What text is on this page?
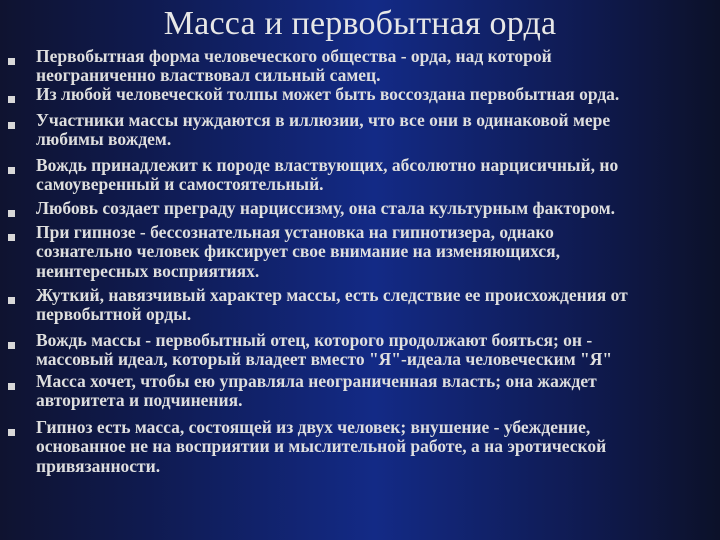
Масса и первобытная орда
Первобытная форма человеческого общества - орда, над которой
неограниченно властвовал сильный самец.
Из любой человеческой толпы может быть воссоздана первобытная орда.
Участники массы нуждаются в иллюзии, что все они в одинаковой мере
любимы вождем.
Вождь принадлежит к породе властвующих, абсолютно нарцисичный, но
самоуверенный и самостоятельный.
Любовь создает преграду нарциссизму, она стала культурным фактором.
При гипнозе - бессознательная установка на гипнотизера, однако
сознательно человек фиксирует свое внимание на изменяющихся,
неинтересных восприятиях.
Жуткий, навязчивый характер массы, есть следствие ее происхождения от
первобытной орды.
Вождь массы - первобытный отец, которого продолжают бояться; он -
массовый идеал, который владеет вместо "Я"-идеала человеческим "Я"
Масса хочет, чтобы ею управляла неограниченная власть; она жаждет
авторитета и подчинения.
Гипноз есть масса, состоящей из двух человек; внушение - убеждение,
основанное не на восприятии и мыслительной работе, а на эротической
привязанности.
